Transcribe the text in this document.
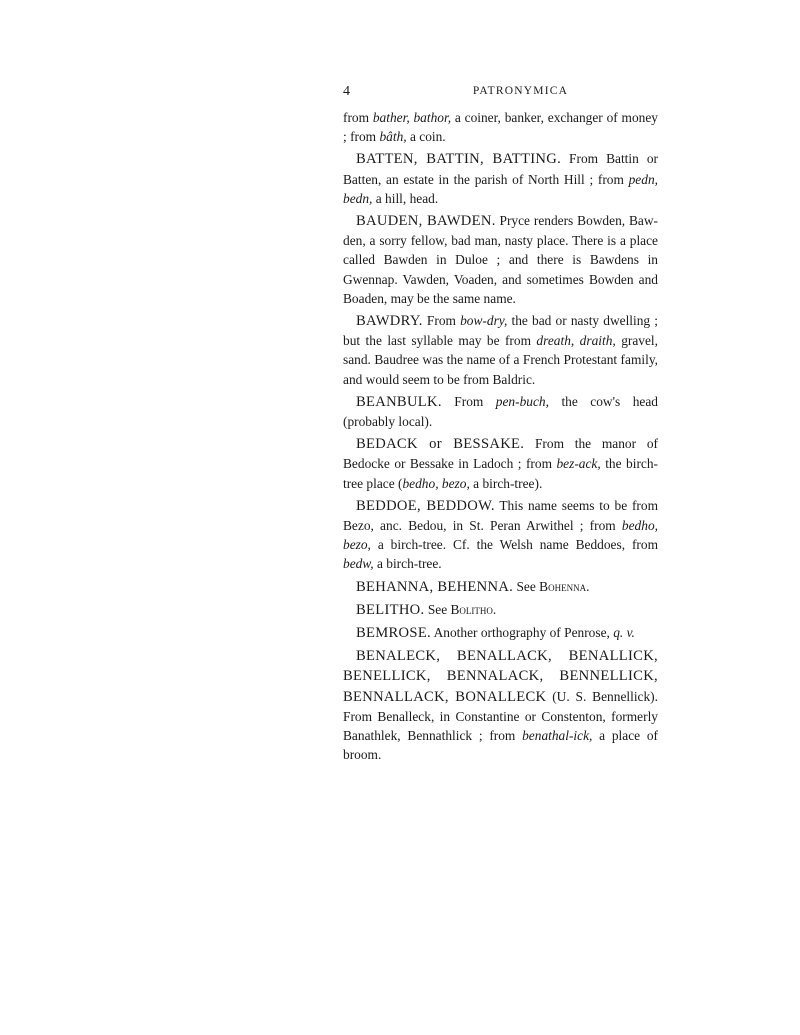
4	PATRONYMICA

from bather, bathor, a coiner, banker, exchanger of money ; from bâth, a coin.

BATTEN, BATTIN, BATTING. From Battin or Batten, an estate in the parish of North Hill ; from pedn, bedn, a hill, head.

BAUDEN, BAWDEN. Pryce renders Bowden, Baw-den, a sorry fellow, bad man, nasty place. There is a place called Bawden in Duloe ; and there is Bawdens in Gwennap. Vawden, Voaden, and sometimes Bowden and Boaden, may be the same name.

BAWDRY. From bow-dry, the bad or nasty dwelling ; but the last syllable may be from dreath, draith, gravel, sand. Baudree was the name of a French Protestant family, and would seem to be from Baldric.

BEANBULK. From pen-buch, the cow's head (probably local).

BEDACK or BESSAKE. From the manor of Bedocke or Bessake in Ladoch ; from bez-ack, the birch-tree place (bedho, bezo, a birch-tree).

BEDDOE, BEDDOW. This name seems to be from Bezo, anc. Bedou, in St. Peran Arwithel ; from bedho, bezo, a birch-tree. Cf. the Welsh name Beddoes, from bedw, a birch-tree.

BEHANNA, BEHENNA. See Bohenna.

BELITHO. See Bolitho.

BEMROSE. Another orthography of Penrose, q. v.

BENALECK, BENALLACK, BENALLICK, BENELLICK, BENNALACK, BENNELLICK, BENNALLACK, BONALLECK (U. S. Bennellick). From Benalleck, in Constantine or Constenton, formerly Banathlek, Bennathlick ; from benathal-ick, a place of broom.
